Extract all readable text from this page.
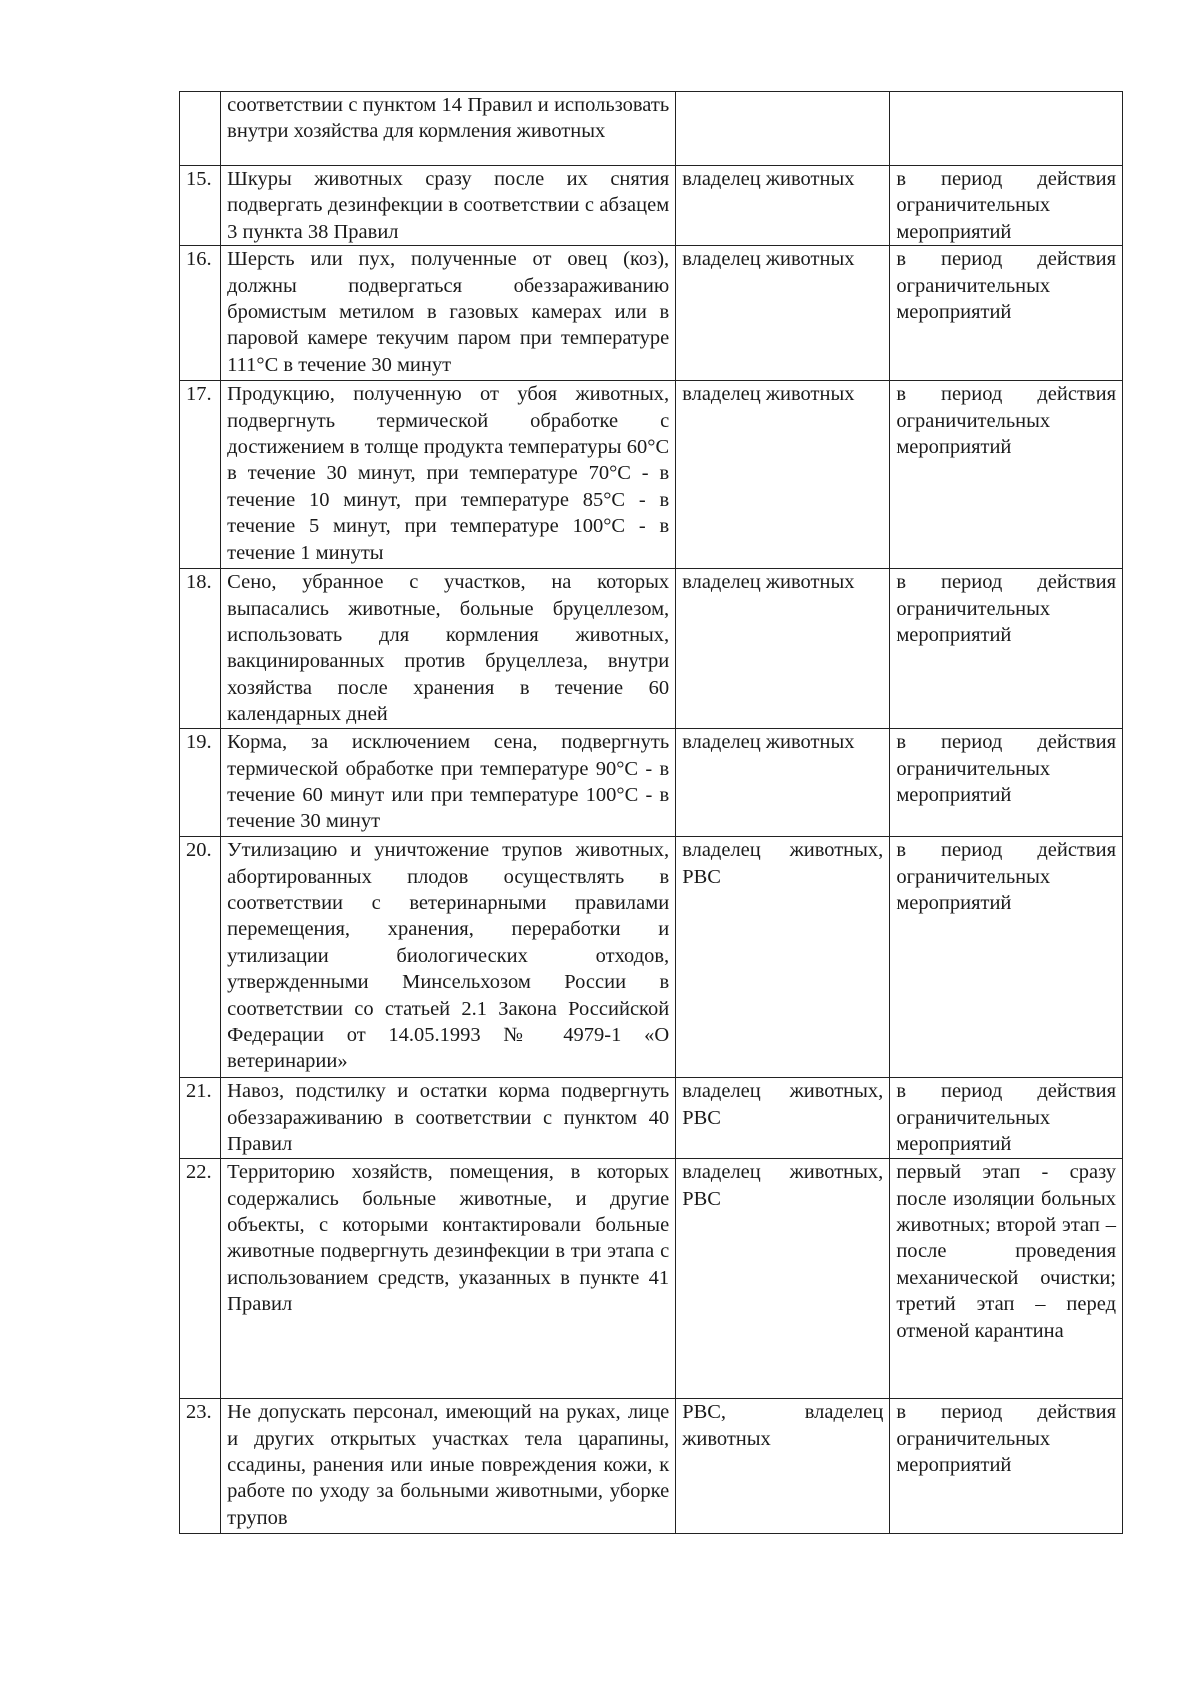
	соответствии с пунктом 14 Правил и использовать внутри хозяйства для кормления животных		
15.	Шкуры животных сразу после их снятия подвергать дезинфекции в соответствии с абзацем 3 пункта 38 Правил	владелец животных	в период действия ограничительных мероприятий
16.	Шерсть или пух, полученные от овец (коз), должны подвергаться обеззараживанию бромистым метилом в газовых камерах или в паровой камере текучим паром при температуре 111°С в течение 30 минут	владелец животных	в период действия ограничительных мероприятий
17.	Продукцию, полученную от убоя животных, подвергнуть термической обработке с достижением в толще продукта температуры 60°С в течение 30 минут, при температуре 70°С - в течение 10 минут, при температуре 85°С - в течение 5 минут, при температуре 100°С - в течение 1 минуты	владелец животных	в период действия ограничительных мероприятий
18.	Сено, убранное с участков, на которых выпасались животные, больные бруцеллезом, использовать для кормления животных, вакцинированных против бруцеллеза, внутри хозяйства после хранения в течение 60 календарных дней	владелец животных	в период действия ограничительных мероприятий
19.	Корма, за исключением сена, подвергнуть термической обработке при температуре 90°С - в течение 60 минут или при температуре 100°С - в течение 30 минут	владелец животных	в период действия ограничительных мероприятий
20.	Утилизацию и уничтожение трупов животных, абортированных плодов осуществлять в соответствии с ветеринарными правилами перемещения, хранения, переработки и утилизации биологических отходов, утвержденными Минсельхозом России в соответствии со статьей 2.1 Закона Российской Федерации от 14.05.1993 № 4979-1 «О ветеринарии»	владелец животных, РВС	в период действия ограничительных мероприятий
21.	Навоз, подстилку и остатки корма подвергнуть обеззараживанию в соответствии с пунктом 40 Правил	владелец животных, РВС	в период действия ограничительных мероприятий
22.	Территорию хозяйств, помещения, в которых содержались больные животные, и другие объекты, с которыми контактировали больные животные подвергнуть дезинфекции в три этапа с использованием средств, указанных в пункте 41 Правил	владелец животных, РВС	первый этап - сразу после изоляции больных животных; второй этап – после проведения механической очистки; третий этап – перед отменой карантина
23.	Не допускать персонал, имеющий на руках, лице и других открытых участках тела царапины, ссадины, ранения или иные повреждения кожи, к работе по уходу за больными животными, уборке трупов	РВС, владелец животных	в период действия ограничительных мероприятий
